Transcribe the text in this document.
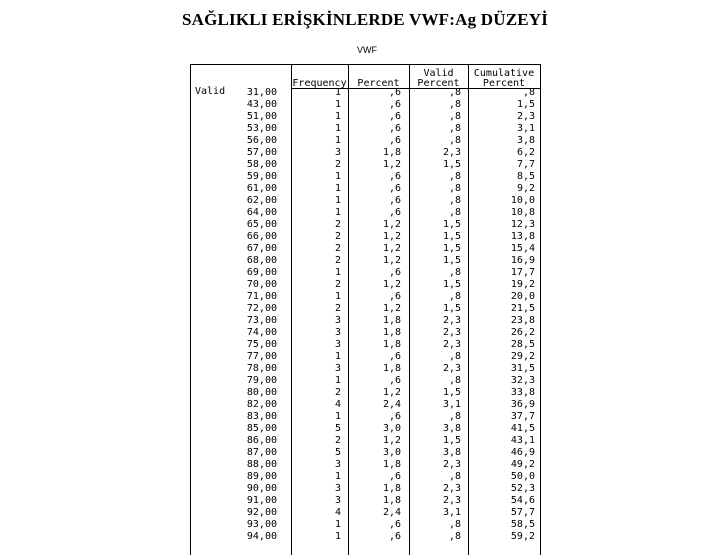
SAĞLIKLI ERİŞKİNLERDE VWF:Ag DÜZEYİ
VWF
Frequency	Percent
Valid
Percent
Cumulative
Percent
Valid	31,00	1	,6	,8	,8
43,00	1	,6	,8	1,5
51,00	1	,6	,8	2,3
53,00	1	,6	,8	3,1
56,00	1	,6	,8	3,8
57,00	3	1,8	2,3	6,2
58,00	2	1,2	1,5	7,7
59,00	1	,6	,8	8,5
61,00	1	,6	,8	9,2
62,00	1	,6	,8	10,0
64,00	1	,6	,8	10,8
65,00	2	1,2	1,5	12,3
66,00	2	1,2	1,5	13,8
67,00	2	1,2	1,5	15,4
68,00	2	1,2	1,5	16,9
69,00	1	,6	,8	17,7
70,00	2	1,2	1,5	19,2
71,00	1	,6	,8	20,0
72,00	2	1,2	1,5	21,5
73,00	3	1,8	2,3	23,8
74,00	3	1,8	2,3	26,2
75,00	3	1,8	2,3	28,5
77,00	1	,6	,8	29,2
78,00	3	1,8	2,3	31,5
79,00	1	,6	,8	32,3
80,00	2	1,2	1,5	33,8
82,00	4	2,4	3,1	36,9
83,00	1	,6	,8	37,7
85,00	5	3,0	3,8	41,5
86,00	2	1,2	1,5	43,1
87,00	5	3,0	3,8	46,9
88,00	3	1,8	2,3	49,2
89,00	1	,6	,8	50,0
90,00	3	1,8	2,3	52,3
91,00	3	1,8	2,3	54,6
92,00	4	2,4	3,1	57,7
93,00	1	,6	,8	58,5
94,00	1	,6	,8	59,2
